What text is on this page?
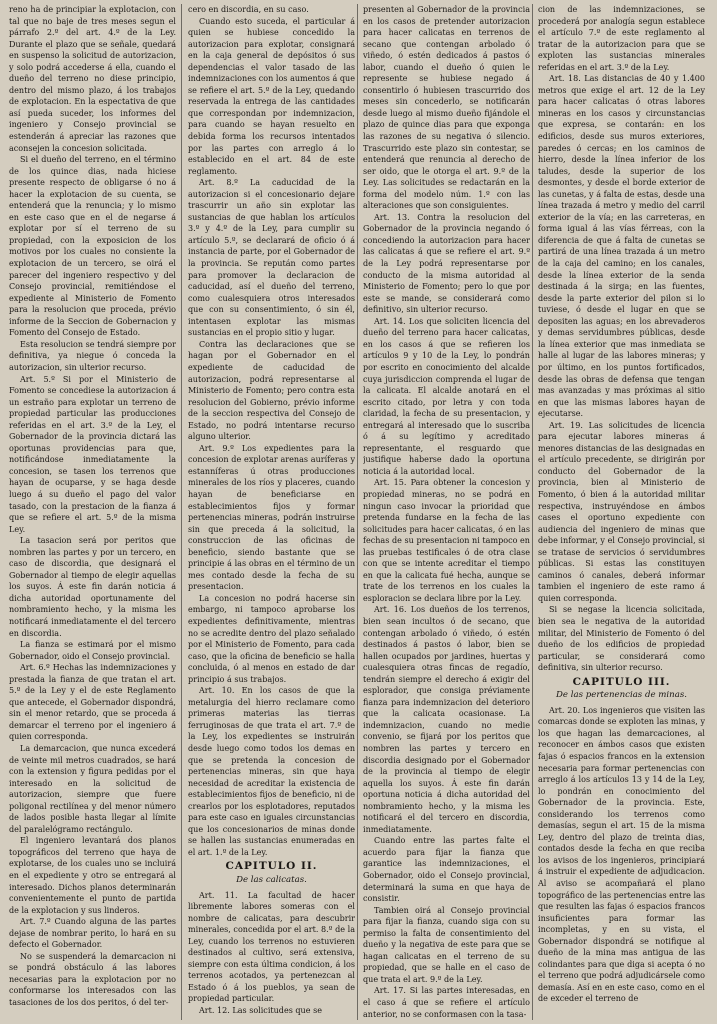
reno ha de principiar la explotacion, con tal que no baje de tres meses segun el párrafo 2.º del art. 4.º de la Ley. Durante el plazo que se señale, quedará en suspenso la solicitud de autorizacion, y solo podrá accederse á ella, cuando el dueño del terreno no diese principio, dentro del mismo plazo, á los trabajos de explotacion. En la espectativa de que así pueda suceder, los informes del ingeniero y Consejo provincial se estenderán á apreciar las razones que aconsejen la concesion solicitada.

Si el dueño del terreno, en el término de los quince dias, nada hiciese presente respecto de obligarse ó no á hacer la explotacion de su cuenta, se entenderá que la renuncia; y lo mismo en este caso que en el de negarse á explotar por sí el terreno de su propiedad, con la exposicion de los motivos por los cuales no consiente la explotacion de un tercero, se oirá el parecer del ingeniero respectivo y del Consejo provincial, remitiéndose el expediente al Ministerio de Fomento para la resolucion que proceda, prévio informe de la Seccion de Gobernacion y Fomento del Consejo de Estado.

Esta resolucion se tendrá siempre por definitiva, ya niegue ó conceda la autorizacion, sin ulterior recurso.

Art. 5.º Si por el Ministerio de Fomento se concediese la autorizacion á un estraño para explotar un terreno de propiedad particular las producciones referidas en el art. 3.º de la Ley, el Gobernador de la provincia dictará las oportunas providencias para que, notificándose inmediatamente la concesion, se tasen los terrenos que hayan de ocuparse, y se haga desde luego á su dueño el pago del valor tasado, con la prestacion de la fianza á que se refiere el art. 5.º de la misma Ley.

La tasacion será por peritos que nombren las partes y por un tercero, en caso de discordia, que designará el Gobernador al tiempo de elegir aquellas los suyos. Á este fin darán noticia á dicha autoridad oportunamente del nombramiento hecho, y la misma les notificará inmediatamente el del tercero en discordia.

La fianza se estimará por el mismo Gobernador, oido el Consejo provincial.

Art. 6.º Hechas las indemnizaciones y prestada la fianza de que tratan el art. 5.º de la Ley y el de este Reglamento que antecede, el Gobernador dispondrá, sin el menor retardo, que se proceda á demarcar el terreno por el ingeniero á quien corresponda.

La demarcacion, que nunca excederá de veinte mil metros cuadrados, se hará con la extension y figura pedidas por el interesado en la solicitud de autorizacion, siempre que fuere poligonal rectilínea y del menor número de lados posible hasta llegar al límite del paralelógramo rectángulo.

El ingeniero levantará dos planos topográficos del terreno que haya de explotarse, de los cuales uno se incluirá en el expediente y otro se entregará al interesado. Dichos planos determinarán convenientemente el punto de partida de la explotacion y sus linderos.

Art. 7.º Cuando alguna de las partes dejase de nombrar perito, lo hará en su defecto el Gobernador.

No se suspenderá la demarcacion ni se pondrá obstáculo á las labores necesarias para la explotacion por no conformarse los interesados con las tasaciones de los dos peritos, ó del ter-

cero en discordia, en su caso.

Cuando esto suceda, el particular á quien se hubiese concedido la autorizacion para explotar, consignará en la caja general de depósitos ó sus dependencias el valor tasado de las indemnizaciones con los aumentos á que se refiere el art. 5.º de la Ley, quedando reservada la entrega de las cantidades que correspondan por indemnizacion, para cuando se hayan resuelto en debida forma los recursos intentados por las partes con arreglo á lo establecido en el art. 84 de este reglamento.

Art. 8.º La caducidad de la autorizacion si el concesionario dejare trascurrir un año sin explotar las sustancias de que hablan los artículos 3.º y 4.º de la Ley, para cumplir su artículo 5.º, se declarará de oficio ó á instancia de parte, por el Gobernador de la provincia. Se repután como partes para promover la declaracion de caducidad, así el dueño del terreno, como cualesquiera otros interesados que con su consentimiento, ó sin él, intentasen explotar las mismas sustancias en el propio sitio y lugar.

Contra las declaraciones que se hagan por el Gobernador en el expediente de caducidad de autorizacion, podrá representarse al Ministerio de Fomento; pero contra esta resolucion del Gobierno, prévio informe de la seccion respectiva del Consejo de Estado, no podrá intentarse recurso alguno ulterior.

Art. 9.º Los expedientes para la concesion de explotar arenas auríferas y estanníferas ú otras producciones minerales de los ríos y placeres, cuando hayan de beneficiarse en establecimientos fijos y formar pertenencias mineras, podrán instruirse sin que preceda á la solicitud, la construccion de las oficinas de beneficio, siendo bastante que se principie á las obras en el término de un mes contado desde la fecha de su presentacion.

La concesion no podrá hacerse sin embargo, ni tampoco aprobarse los expedientes definitivamente, mientras no se acredite dentro del plazo señalado por el Ministerio de Fomento, para cada caso, que la oficina de beneficio se halla concluida, ó al menos en estado de dar principio á sus trabajos.

Art. 10. En los casos de que la metalurgia del hierro reclamare como primeras materias las tierras ferruginosas de que trata el art. 7.º de la Ley, los expedientes se instruirán desde luego como todos los demas en que se pretenda la concesion de pertenencias mineras, sin que haya necesidad de acreditar la existencia de establecimientos fijos de beneficio, ni de crearlos por los esplotadores, reputados para este caso en iguales circunstancias que los concesionarios de minas donde se hallen las sustancias enumeradas en el art. 1.º de la Ley.

CAPITULO II.
De las calicatas.

Art. 11. La facultad de hacer libremente labores someras con el nombre de calicatas, para descubrir minerales, concedida por el art. 8.º de la Ley, cuando los terrenos no estuvieren destinados al cultivo, será extensiva, siempre con esta última condicion, á los terrenos acotados, ya pertenezcan al Estado ó á los pueblos, ya sean de propiedad particular.

Art. 12. Las solicitudes que se

presenten al Gobernador de la provincia en los casos de pretender autorizacion para hacer calicatas en terrenos de secano que contengan arbolado ó viñedo, ó estén dedicados á pastos ó labor, cuando el dueño ó quien le represente se hubiese negado á consentirlo ó hubiesen trascurrido dos meses sin concederlo, se notificarán desde luego al mismo dueño fijándole el plazo de quince dias para que exponga las razones de su negativa ó silencio. Trascurrido este plazo sin contestar, se entenderá que renuncia al derecho de ser oido, que le otorga el art. 9.º de la Ley. Las solicitudes se redactarán en la forma del modelo núm. 1.º con las alteraciones que son consiguientes.

Art. 13. Contra la resolucion del Gobernador de la provincia negando ó concediendo la autorizacion para hacer las calicatas á que se refiere el art. 9.º de la Ley podrá representarse por conducto de la misma autoridad al Ministerio de Fomento; pero lo que por este se mande, se considerará como definitivo, sin ulterior recurso.

Art. 14. Los que soliciten licencia del dueño del terreno para hacer calicatas, en los casos á que se refieren los artículos 9 y 10 de la Ley, lo pondrán por escrito en conocimiento del alcalde cuya jurisdiccion comprenda el lugar de la calicata. El alcalde anotará en el escrito citado, por letra y con toda claridad, la fecha de su presentacion, y entregará al interesado que lo suscriba ó á su legítimo y acreditado representante, el resguardo que justifique haberse dado la oportuna noticia á la autoridad local.

Art. 15. Para obtener la concesion y propiedad mineras, no se podrá en ningun caso invocar la prioridad que pretenda fundarse en la fecha de las solicitudes para hacer calicatas, ó en las fechas de su presentacion ni tampoco en las pruebas testificales ó de otra clase con que se intente acreditar el tiempo en que la calicata fué hecha, aunque se trate de los terrenos en los cuales la esploracion se declara libre por la Ley.

Art. 16. Los dueños de los terrenos, bien sean incultos ó de secano, que contengan arbolado ó viñedo, ó estén destinados á pastos ó labor, bien se hallen ocupados por jardines, huertas y cualesquiera otras fincas de regadío, tendrán siempre el derecho á exigir del esplorador, que consiga préviamente fianza para indemnizacion del deterioro que la calicata ocasionase. La indemnizacion, cuando no medie convenio, se fijará por los peritos que nombren las partes y tercero en discordia designado por el Gobernador de la provincia al tiempo de elegir aquella los suyos. Á este fin darán oportuna noticia á dicha autoridad del nombramiento hecho, y la misma les notificará el del tercero en discordia, inmediatamente.

Cuando entre las partes falte el acuerdo para fijar la fianza que garantice las indemnizaciones, el Gobernador, oido el Consejo provincial, determinará la suma en que haya de consistir.

Tambien oirá al Consejo provincial para fijar la fianza, cuando siga con su permiso la falta de consentimiento del dueño y la negativa de este para que se hagan calicatas en el terreno de su propiedad, que se halle en el caso de que trata el art. 9.º de la Ley.

Art. 17. Si las partes interesadas, en el caso á que se refiere el artículo anterior, no se conformasen con la tasa-

cion de las indemnizaciones, se procederá por analogía segun establece el artículo 7.º de este reglamento al tratar de la autorizacion para que se exploten las sustancias minerales referidas en el art. 3.º de la Ley.

Art. 18. Las distancias de 40 y 1.400 metros que exige el art. 12 de la Ley para hacer calicatas ó otras labores mineras en los casos y circunstancias que expresa, se contarán: en los edificios, desde sus muros exteriores, paredes ó cercas; en los caminos de hierro, desde la línea inferior de los taludes, desde la superior de los desmontes, y desde el borde exterior de las cunetas, y á falta de estas, desde una línea trazada á metro y medio del carril exterior de la vía; en las carreteras, en forma igual á las vías férreas, con la diferencia de que á falta de cunetas se partirá de una línea trazada á un metro de la caja del camino; en los canales, desde la línea exterior de la senda destinada á la sirga; en las fuentes, desde la parte exterior del pilon si lo tuviese, ó desde el lugar en que se depositen las aguas; en los abrevaderos y demas servidumbres públicas, desde la línea exterior que mas inmediata se halle al lugar de las labores mineras; y por último, en los puntos fortificados, desde las obras de defensa que tengan mas avanzadas y mas próximas al sitio en que las mismas labores hayan de ejecutarse.

Art. 19. Las solicitudes de licencia para ejecutar labores mineras á menores distancias de las designadas en el artículo precedente, se dirigirán por conducto del Gobernador de la provincia, bien al Ministerio de Fomento, ó bien á la autoridad militar respectiva, instruyéndose en ámbos cases el oportuno expediente con audiencia del ingeniero de minas que debe informar, y el Consejo provincial, si se tratase de servicios ó servidumbres públicas. Si estas las constituyen caminos ó canales, deberá informar tambien el ingeniero de este ramo á quien corresponda.

Si se negase la licencia solicitada, bien sea le negativa de la autoridad militar, del Ministerio de Fomento ó del dueño de los edificios de propiedad particular, se considerará como definitiva, sin ulterior recurso.

CAPITULO III.
De las pertenencias de minas.

Art. 20. Los ingenieros que visiten las comarcas donde se exploten las minas, y los que hagan las demarcaciones, al reconocer en ámbos casos que existen fajas ó espacios francos en la extension necesaria para formar pertenencias con arreglo á los artículos 13 y 14 de la Ley, lo pondrán en conocimiento del Gobernador de la provincia. Este, considerando los terrenos como demasías, segun el art. 15 de la misma Ley, dentro del plazo de treinta dias, contados desde la fecha en que reciba los avisos de los ingenieros, principiará á instruir el expediente de adjudicacion. Al aviso se acompañará el plano topográfico de las pertenencias entre las que resulten las fajas ó espacios francos insuficientes para formar las incompletas, y en su vista, el Gobernador dispondrá se notifique al dueño de la mina mas antigua de las colindantes para que diga si acepta ó no el terreno que podrá adjudicársele como demasía. Así en en este caso, como en el de exceder el terreno de
